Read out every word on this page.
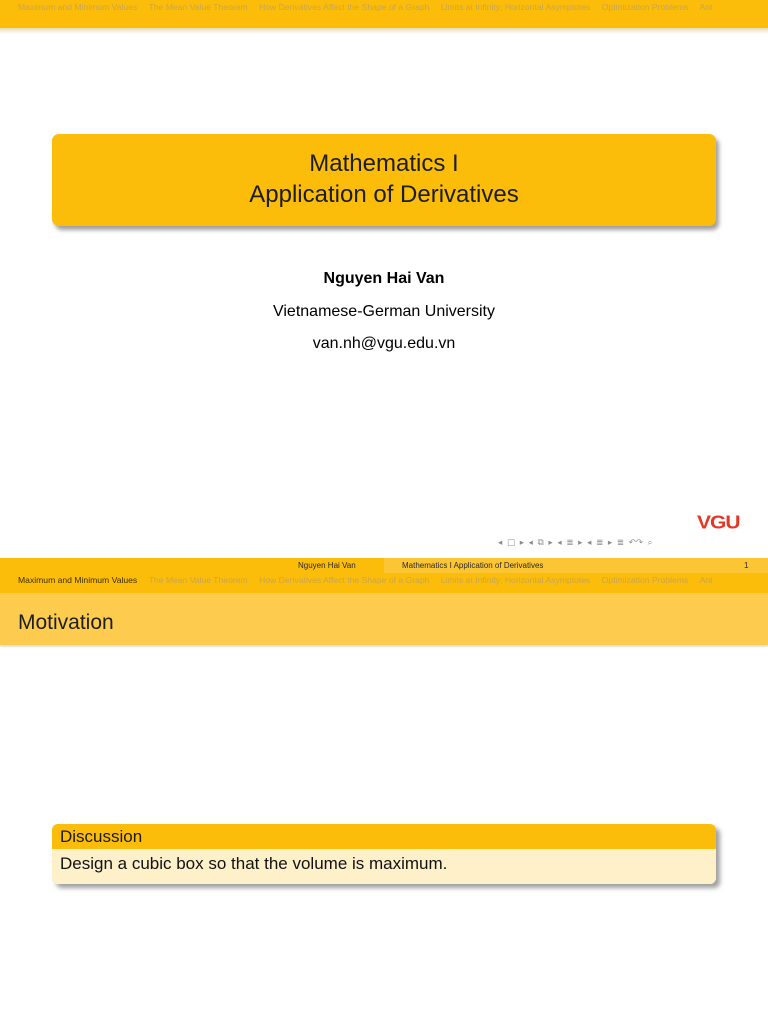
Maximum and Minimum Values The Mean Value Theorem How Derivatives Affect the Shape of a Graph Limits at Infinity; Horizontal Asymptotes Optimization Problems Ant
Mathematics I
Application of Derivatives
Nguyen Hai Van
Vietnamese-German University
van.nh@vgu.edu.vn
VGU
◂ □ ▸ ◂ ⧉ ▸ ◂ ≣ ▸ ◂ ≣ ▸ ≣ ↶↷ ⌕
Nguyen Hai Van	Mathematics I Application of Derivatives	1
Maximum and Minimum Values The Mean Value Theorem How Derivatives Affect the Shape of a Graph Limits at Infinity; Horizontal Asymptotes Optimization Problems Ant
Motivation
Discussion
Design a cubic box so that the volume is maximum.
